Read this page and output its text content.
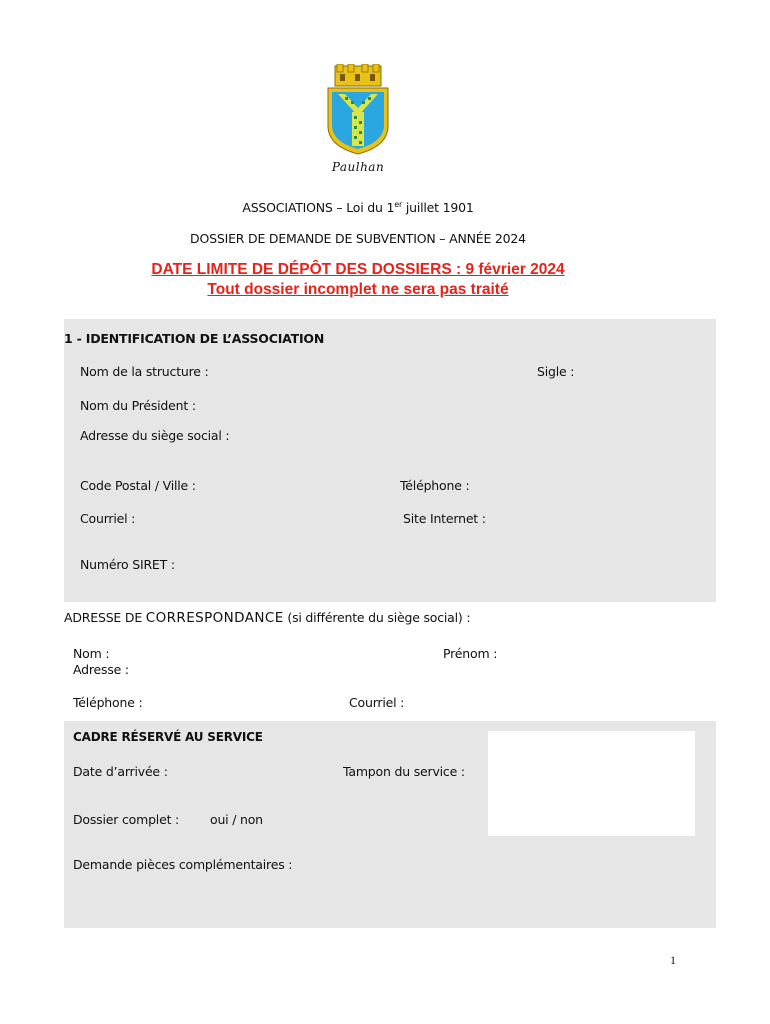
Paulhan
ASSOCIATIONS – Loi du 1er juillet 1901
DOSSIER DE DEMANDE DE SUBVENTION – ANNÉE 2024
DATE LIMITE DE DÉPÔT DES DOSSIERS : 9 février 2024
Tout dossier incomplet ne sera pas traité
1 - IDENTIFICATION DE L’ASSOCIATION
Nom de la structure :	Sigle :
Nom du Président :
Adresse du siège social :
Code Postal / Ville :	Téléphone :
Courriel :	Site Internet :
Numéro SIRET :
ADRESSE DE CORRESPONDANCE (si différente du siège social) :
Nom :	Prénom :
Adresse :
Téléphone :	Courriel :
CADRE RÉSERVÉ AU SERVICE
Date d’arrivée :	Tampon du service :
Dossier complet : oui / non
Demande pièces complémentaires :
1
